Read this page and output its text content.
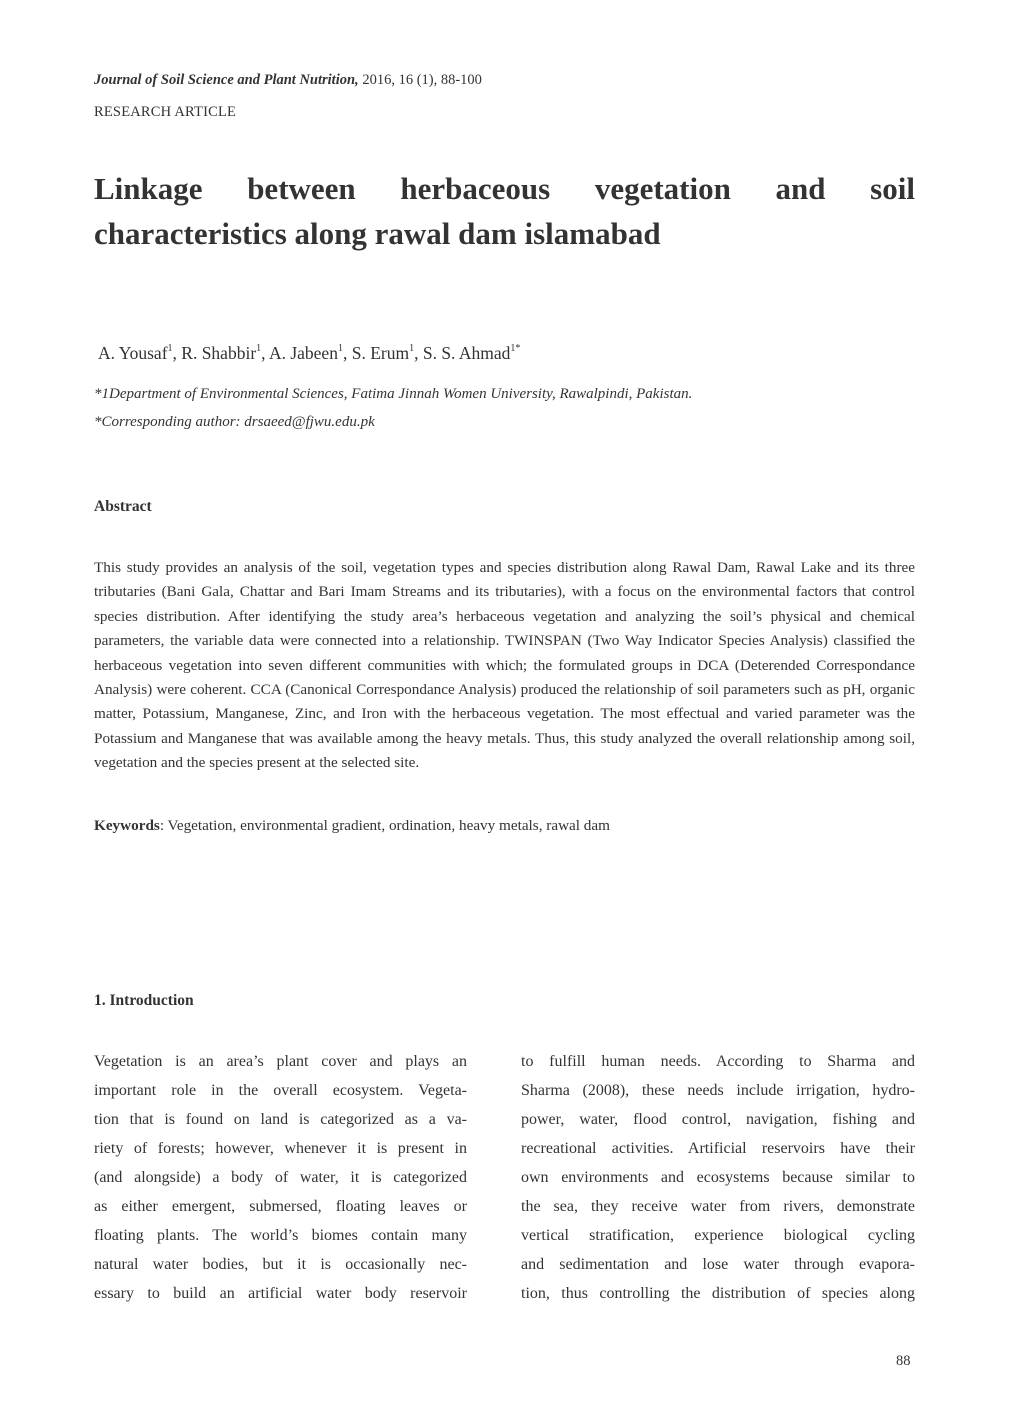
Journal of Soil Science and Plant Nutrition, 2016, 16 (1), 88-100
RESEARCH ARTICLE
Linkage between herbaceous vegetation and soil
characteristics along rawal dam islamabad
A. Yousaf$^1$, R. Shabbir$^1$, A. Jabeen$^1$, S. Erum$^1$, S. S. Ahmad$^{1*}$
*1Department of Environmental Sciences, Fatima Jinnah Women University, Rawalpindi, Pakistan.
*Corresponding author: drsaeed@fjwu.edu.pk
Abstract
This study provides an analysis of the soil, vegetation types and species distribution along Rawal Dam, Rawal Lake and its three tributaries (Bani Gala, Chattar and Bari Imam Streams and its tributaries), with a focus on the environmental factors that control species distribution. After identifying the study area’s herbaceous vegetation and analyzing the soil’s physical and chemical parameters, the variable data were connected into a relationship. TWINSPAN (Two Way Indicator Species Analysis) classified the herbaceous vegetation into seven different communities with which; the formulated groups in DCA (Deterended Correspondance Analysis) were coherent. CCA (Canonical Correspondance Analysis) produced the relationship of soil parameters such as pH, organic matter, Potassium, Manganese, Zinc, and Iron with the herbaceous vegetation. The most effectual and varied parameter was the Potassium and Manganese that was available among the heavy metals. Thus, this study analyzed the overall relationship among soil, vegetation and the species present at the selected site.
Keywords: Vegetation, environmental gradient, ordination, heavy metals, rawal dam
1. Introduction
Vegetation is an area’s plant cover and plays an
important role in the overall ecosystem. Vegeta-
tion that is found on land is categorized as a va-
riety of forests; however, whenever it is present in
(and alongside) a body of water, it is categorized
as either emergent, submersed, floating leaves or
floating plants. The world’s biomes contain many
natural water bodies, but it is occasionally nec-
essary to build an artificial water body reservoir
to fulfill human needs. According to Sharma and
Sharma (2008), these needs include irrigation, hydro-
power, water, flood control, navigation, fishing and
recreational activities. Artificial reservoirs have their
own environments and ecosystems because similar to
the sea, they receive water from rivers, demonstrate
vertical stratification, experience biological cycling
and sedimentation and lose water through evapora-
tion, thus controlling the distribution of species along
88
